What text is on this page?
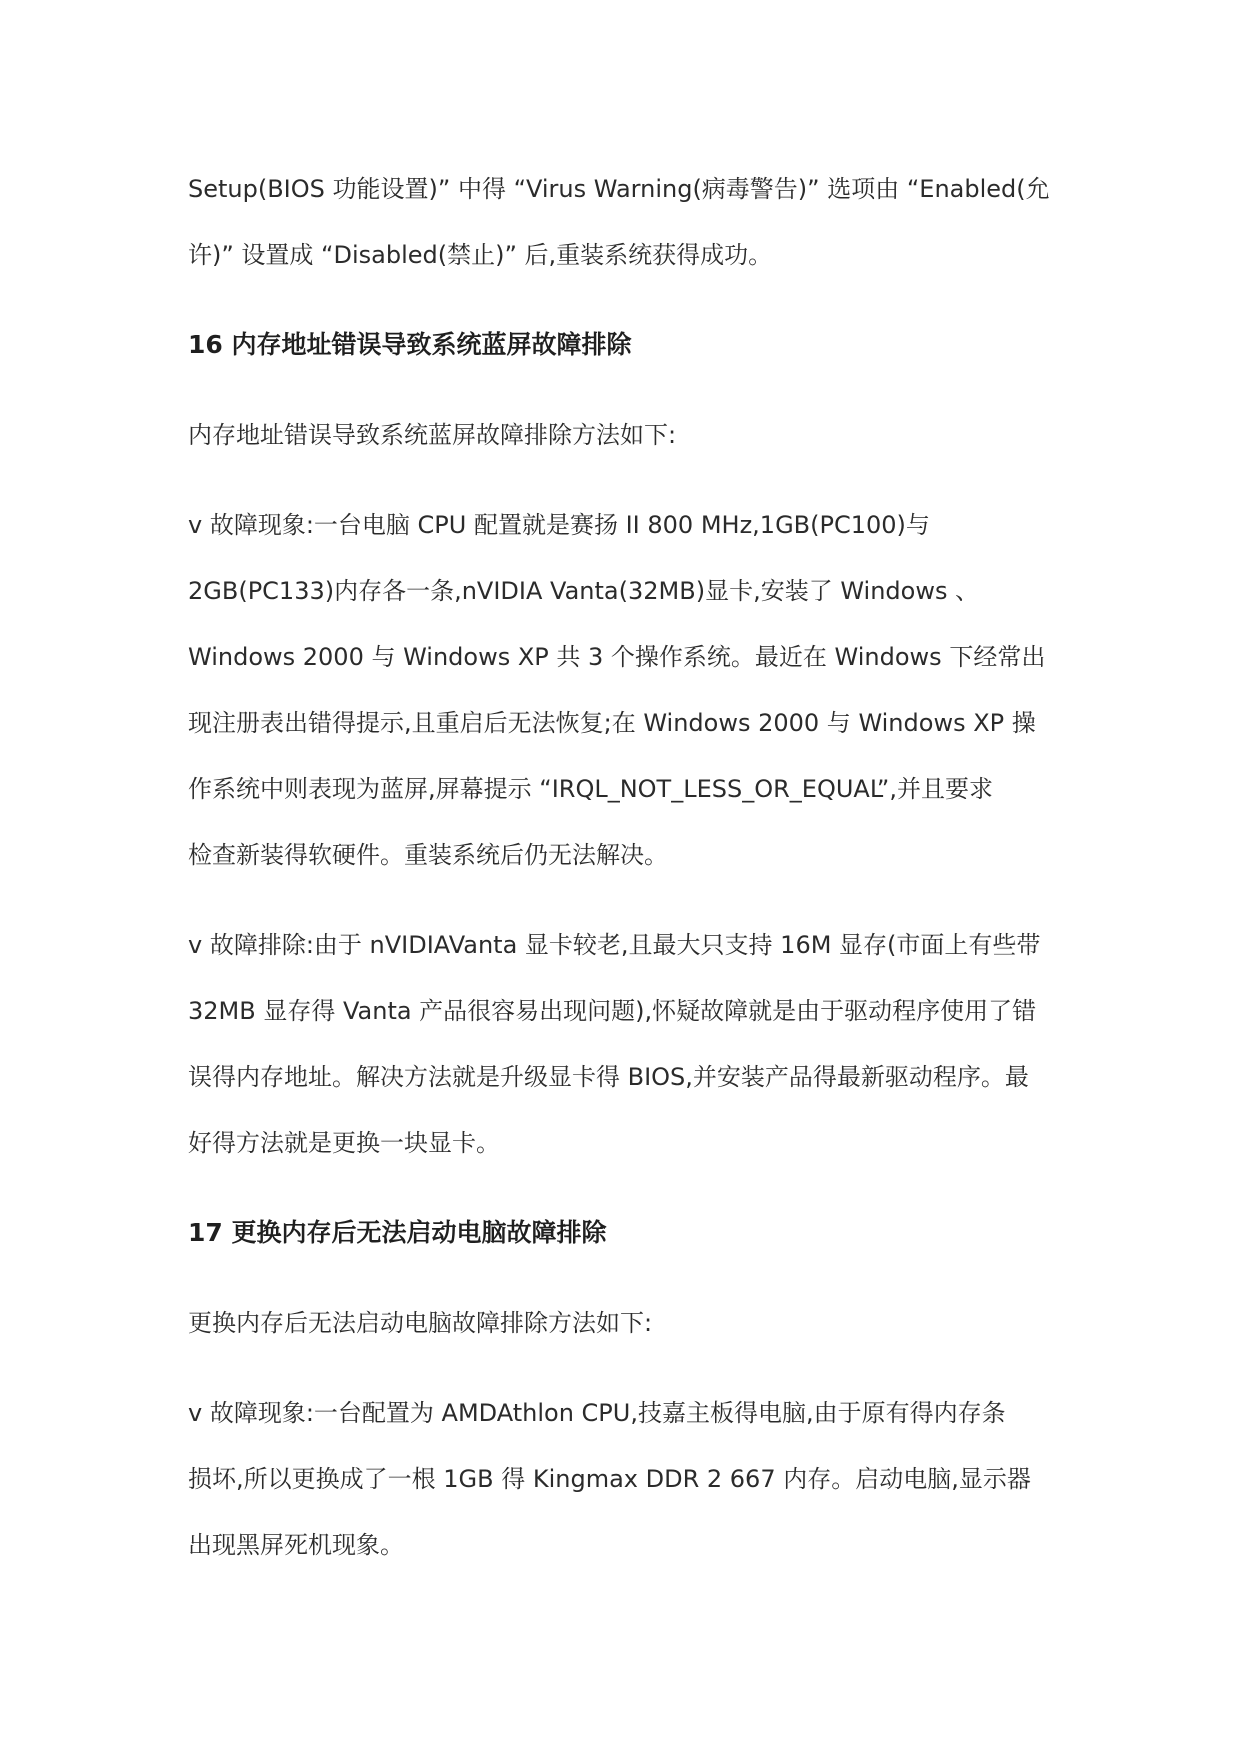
Setup(BIOS 功能设置)” 中得 “Virus Warning(病毒警告)” 选项由 “Enabled(允
许)” 设置成 “Disabled(禁止)” 后,重装系统获得成功。
16 内存地址错误导致系统蓝屏故障排除
内存地址错误导致系统蓝屏故障排除方法如下:
v 故障现象:一台电脑 CPU 配置就是赛扬 II 800 MHz,1GB(PC100)与
2GB(PC133)内存各一条,nVIDIA Vanta(32MB)显卡,安装了 Windows 、
Windows 2000 与 Windows XP 共 3 个操作系统。最近在 Windows 下经常出
现注册表出错得提示,且重启后无法恢复;在 Windows 2000 与 Windows XP 操
作系统中则表现为蓝屏,屏幕提示 “IRQL_NOT_LESS_OR_EQUAL”,并且要求
检查新装得软硬件。重装系统后仍无法解决。
v 故障排除:由于 nVIDIAVanta 显卡较老,且最大只支持 16M 显存(市面上有些带
32MB 显存得 Vanta 产品很容易出现问题),怀疑故障就是由于驱动程序使用了错
误得内存地址。解决方法就是升级显卡得 BIOS,并安装产品得最新驱动程序。最
好得方法就是更换一块显卡。
17 更换内存后无法启动电脑故障排除
更换内存后无法启动电脑故障排除方法如下:
v 故障现象:一台配置为 AMDAthlon CPU,技嘉主板得电脑,由于原有得内存条
损坏,所以更换成了一根 1GB 得 Kingmax DDR 2 667 内存。启动电脑,显示器
出现黑屏死机现象。
